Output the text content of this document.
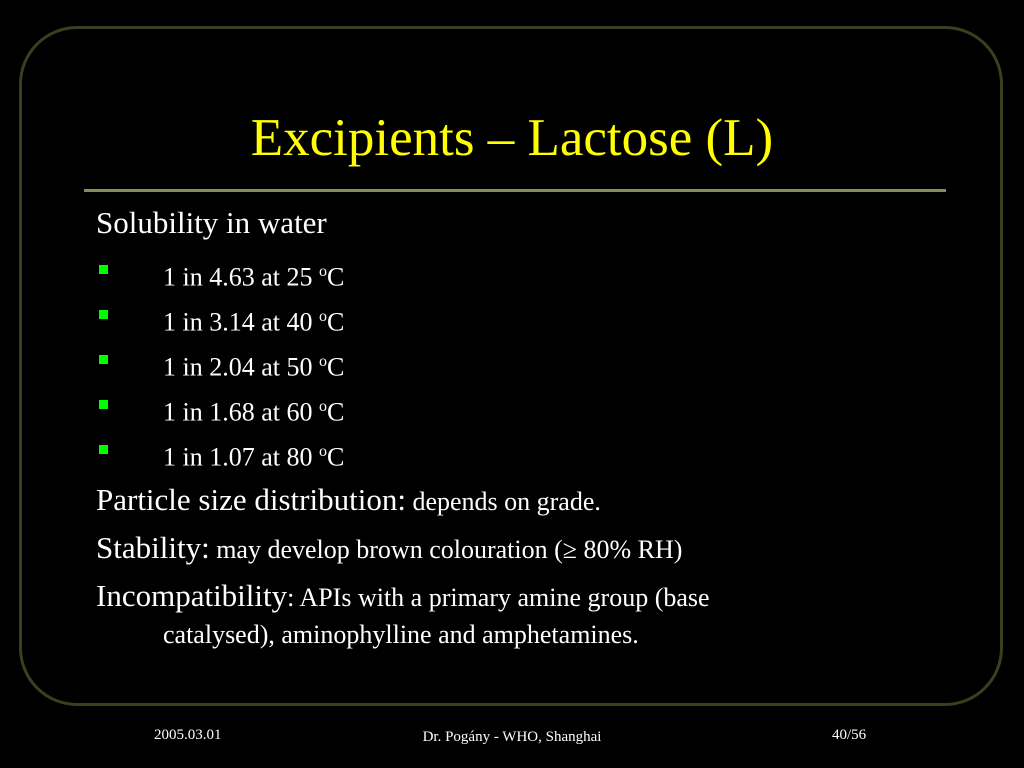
Excipients – Lactose (L)
Solubility in water
1 in 4.63 at 25 $^o$C
1 in 3.14 at 40 $^o$C
1 in 2.04 at 50 $^o$C
1 in 1.68 at 60 $^o$C
1 in 1.07 at 80 $^o$C
Particle size distribution: depends on grade.
Stability: may develop brown colouration (≥ 80% RH)
Incompatibility: APIs with a primary amine group (base
catalysed), aminophylline and amphetamines.
2005.03.01	Dr. Pogány - WHO, Shanghai	40/56
